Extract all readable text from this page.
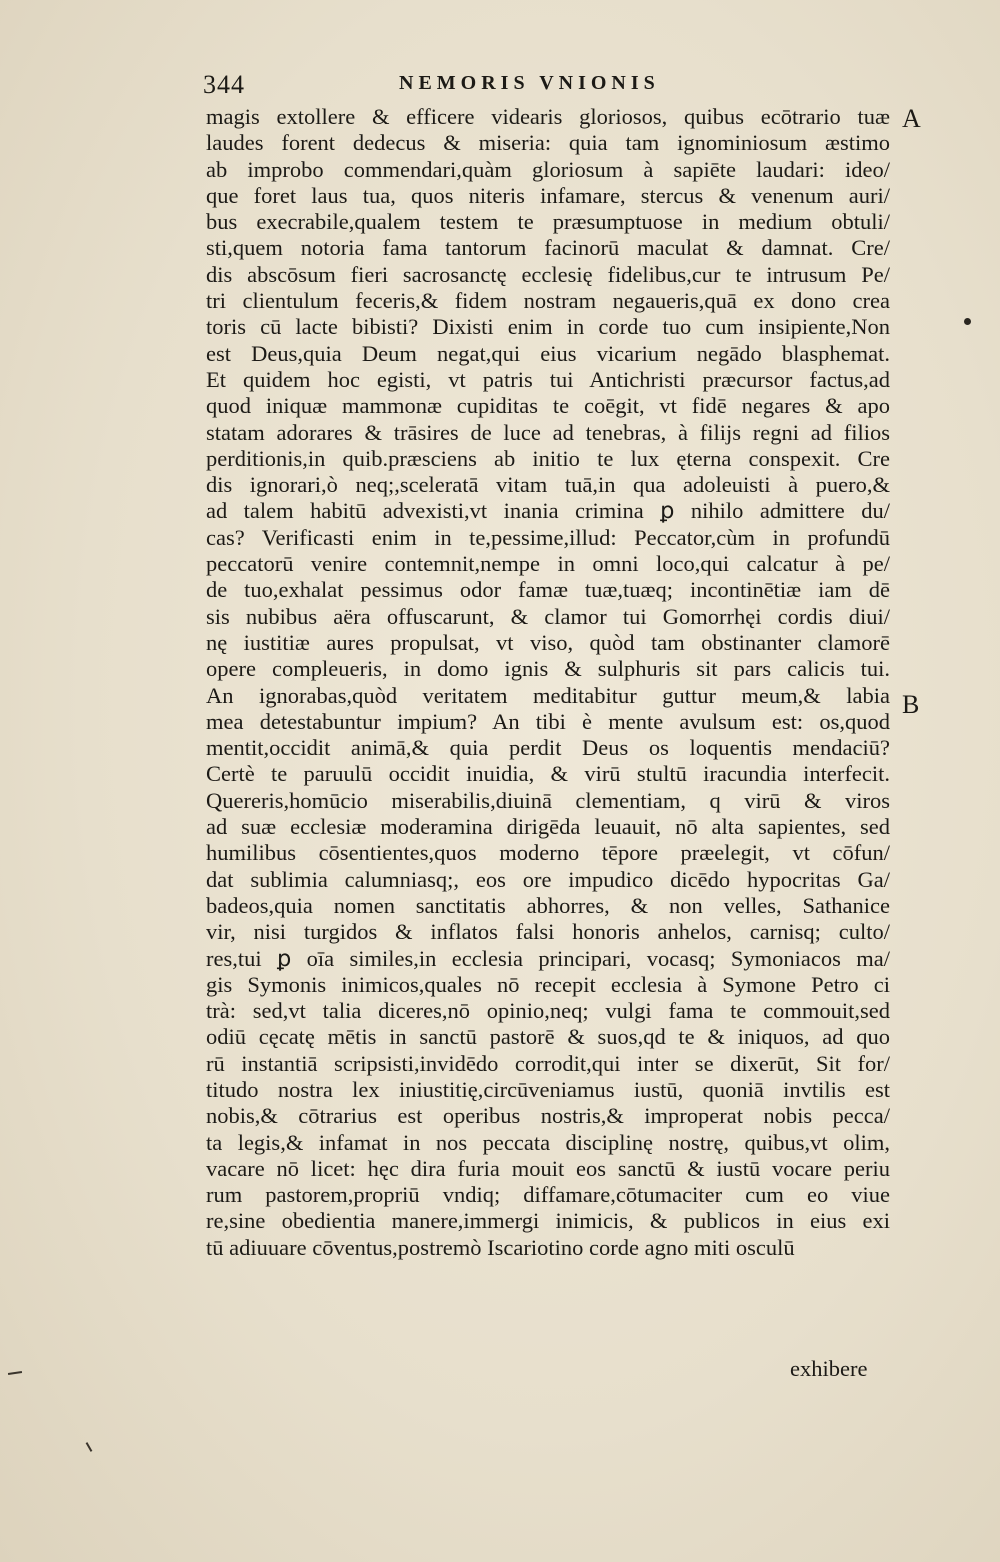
344	NEMORIS VNIONIS
A
B
magis extollere & efficere videaris gloriosos, quibus ecōtrario tuæ
laudes forent dedecus & miseria: quia tam ignominiosum æstimo
ab improbo commendari,quàm gloriosum à sapiēte laudari: ideo/
que foret laus tua, quos niteris infamare, stercus & venenum auri/
bus execrabile,qualem testem te præsumptuose in medium obtuli/
sti,quem notoria fama tantorum facinorū maculat & damnat. Cre/
dis abscōsum fieri sacrosanctę ecclesię fidelibus,cur te intrusum Pe/
tri clientulum feceris,& fidem nostram negaueris,quā ex dono crea
toris cū lacte bibisti? Dixisti enim in corde tuo cum insipiente,Non
est Deus,quia Deum negat,qui eius vicarium negādo blasphemat.
Et quidem hoc egisti, vt patris tui Antichristi præcursor factus,ad
quod iniquæ mammonæ cupiditas te coēgit, vt fidē negares & apo
statam adorares & trāsires de luce ad tenebras, à filijs regni ad filios
perditionis,in quib.præsciens ab initio te lux ęterna conspexit. Cre
dis ignorari,ò neq;,sceleratā vitam tuā,in qua adoleuisti à puero,&
ad talem habitū advexisti,vt inania crimina ꝑ nihilo admittere du/
cas? Verificasti enim in te,pessime,illud: Peccator,cùm in profundū
peccatorū venire contemnit,nempe in omni loco,qui calcatur à pe/
de tuo,exhalat pessimus odor famæ tuæ,tuæq; incontinētiæ iam dē
sis nubibus aëra offuscarunt, & clamor tui Gomorrhęi cordis diui/
nę iustitiæ aures propulsat, vt viso, quòd tam obstinanter clamorē
opere compleueris, in domo ignis & sulphuris sit pars calicis tui.
An ignorabas,quòd veritatem meditabitur guttur meum,& labia
mea detestabuntur impium? An tibi è mente avulsum est: os,quod
mentit,occidit animā,& quia perdit Deus os loquentis mendaciū?
Certè te paruulū occidit inuidia, & virū stultū iracundia interfecit.
Quereris,homūcio miserabilis,diuinā clementiam, q virū & viros
ad suæ ecclesiæ moderamina dirigēda leuauit, nō alta sapientes, sed
humilibus cōsentientes,quos moderno tēpore præelegit, vt cōfun/
dat sublimia calumniasq;, eos ore impudico dicēdo hypocritas Ga/
badeos,quia nomen sanctitatis abhorres, & non velles, Sathanice
vir, nisi turgidos & inflatos falsi honoris anhelos, carnisq; culto/
res,tui ꝑ oīa similes,in ecclesia principari, vocasq; Symoniacos ma/
gis Symonis inimicos,quales nō recepit ecclesia à Symone Petro ci
trà: sed,vt talia diceres,nō opinio,neq; vulgi fama te commouit,sed
odiū cęcatę mētis in sanctū pastorē & suos,qd te & iniquos, ad quo
rū instantiā scripsisti,invidēdo corrodit,qui inter se dixerūt, Sit for/
titudo nostra lex iniustitię,circūveniamus iustū, quoniā invtilis est
nobis,& cōtrarius est operibus nostris,& improperat nobis pecca/
ta legis,& infamat in nos peccata disciplinę nostrę, quibus,vt olim,
vacare nō licet: hęc dira furia mouit eos sanctū & iustū vocare periu
rum pastorem,propriū vndiq; diffamare,cōtumaciter cum eo viue
re,sine obedientia manere,immergi inimicis, & publicos in eius exi
tū adiuuare cōventus,postremò Iscariotino corde agno miti osculū
exhibere
